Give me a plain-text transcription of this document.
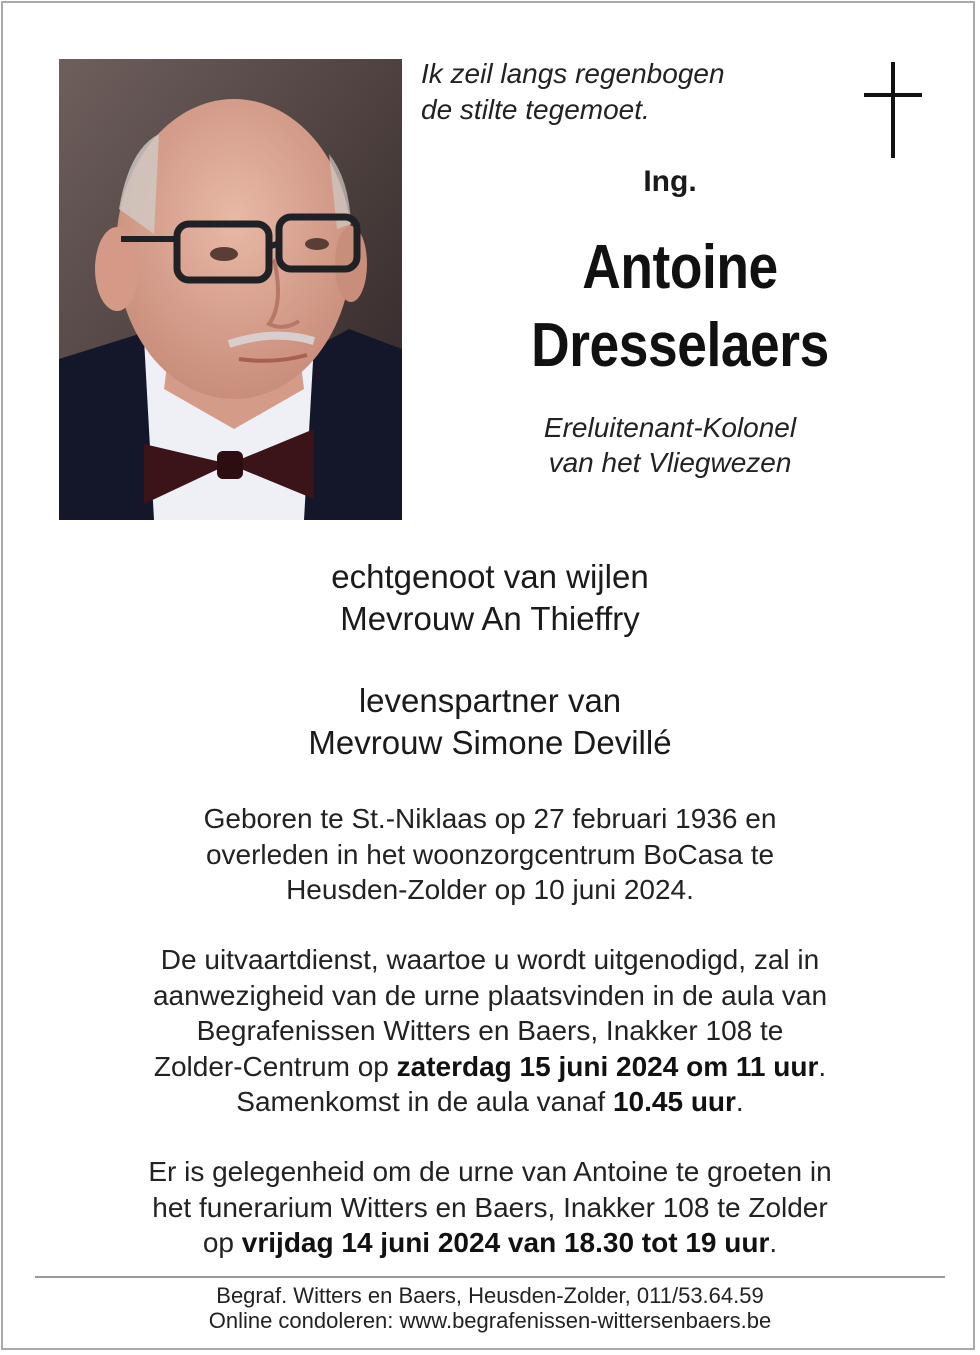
Ik zeil langs regenbogen
de stilte tegemoet.
Ing.
Antoine
Dresselaers
Ereluitenant-Kolonel
van het Vliegwezen
echtgenoot van wijlen
Mevrouw An Thieffry
levenspartner van
Mevrouw Simone Devillé
Geboren te St.-Niklaas op 27 februari 1936 en
overleden in het woonzorgcentrum BoCasa te
Heusden-Zolder op 10 juni 2024.
De uitvaartdienst, waartoe u wordt uitgenodigd, zal in
aanwezigheid van de urne plaatsvinden in de aula van
Begrafenissen Witters en Baers, Inakker 108 te
Zolder-Centrum op zaterdag 15 juni 2024 om 11 uur.
Samenkomst in de aula vanaf 10.45 uur.
Er is gelegenheid om de urne van Antoine te groeten in
het funerarium Witters en Baers, Inakker 108 te Zolder
op vrijdag 14 juni 2024 van 18.30 tot 19 uur.
Begraf. Witters en Baers, Heusden-Zolder, 011/53.64.59
Online condoleren: www.begrafenissen-wittersenbaers.be
